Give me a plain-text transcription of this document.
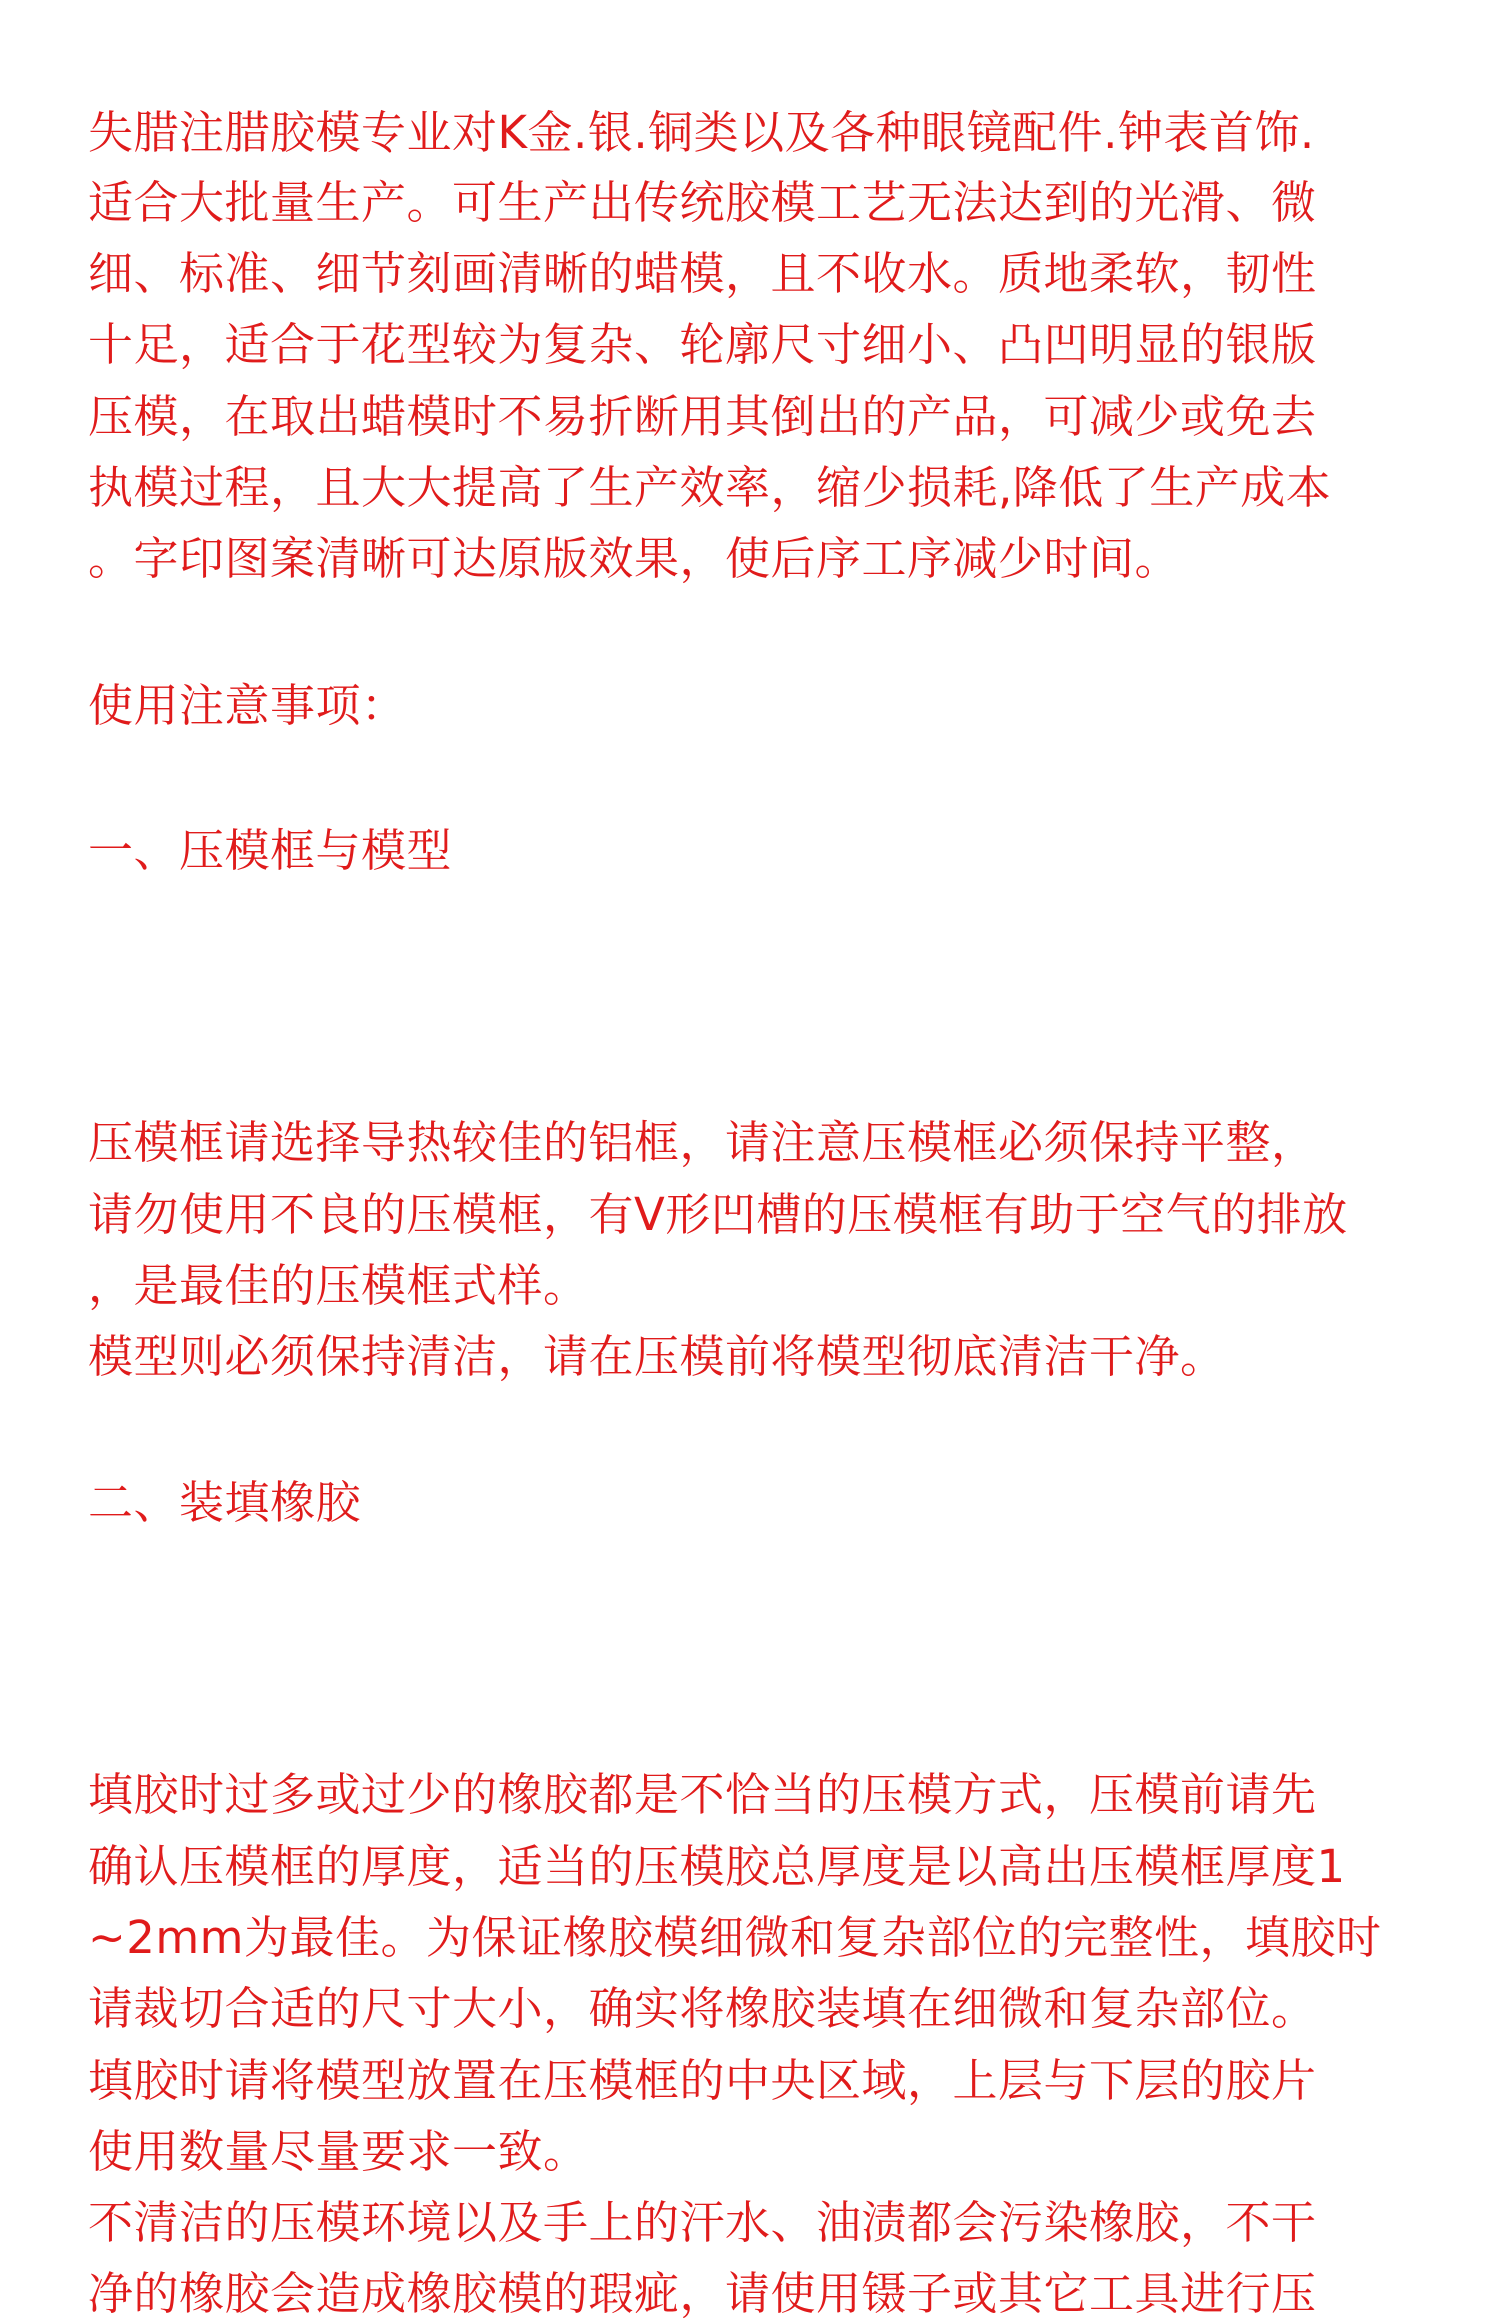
失腊注腊胶模专业对K金.银.铜类以及各种眼镜配件.钟表首饰.
适合大批量生产。可生产出传统胶模工艺无法达到的光滑、微
细、标准、细节刻画清晰的蜡模，且不收水。质地柔软，韧性
十足，适合于花型较为复杂、轮廓尺寸细小、凸凹明显的银版
压模，在取出蜡模时不易折断用其倒出的产品，可减少或免去
执模过程，且大大提高了生产效率，缩少损耗,降低了生产成本
。字印图案清晰可达原版效果，使后序工序减少时间。
使用注意事项：
一、压模框与模型
压模框请选择导热较佳的铝框，请注意压模框必须保持平整，
请勿使用不良的压模框，有V形凹槽的压模框有助于空气的排放
，是最佳的压模框式样。
模型则必须保持清洁，请在压模前将模型彻底清洁干净。
二、装填橡胶
填胶时过多或过少的橡胶都是不恰当的压模方式，压模前请先
确认压模框的厚度，适当的压模胶总厚度是以高出压模框厚度1
~2mm为最佳。为保证橡胶模细微和复杂部位的完整性，填胶时
请裁切合适的尺寸大小，确实将橡胶装填在细微和复杂部位。
填胶时请将模型放置在压模框的中央区域，上层与下层的胶片
使用数量尽量要求一致。
不清洁的压模环境以及手上的汗水、油渍都会污染橡胶，不干
净的橡胶会造成橡胶模的瑕疵，请使用镊子或其它工具进行压
